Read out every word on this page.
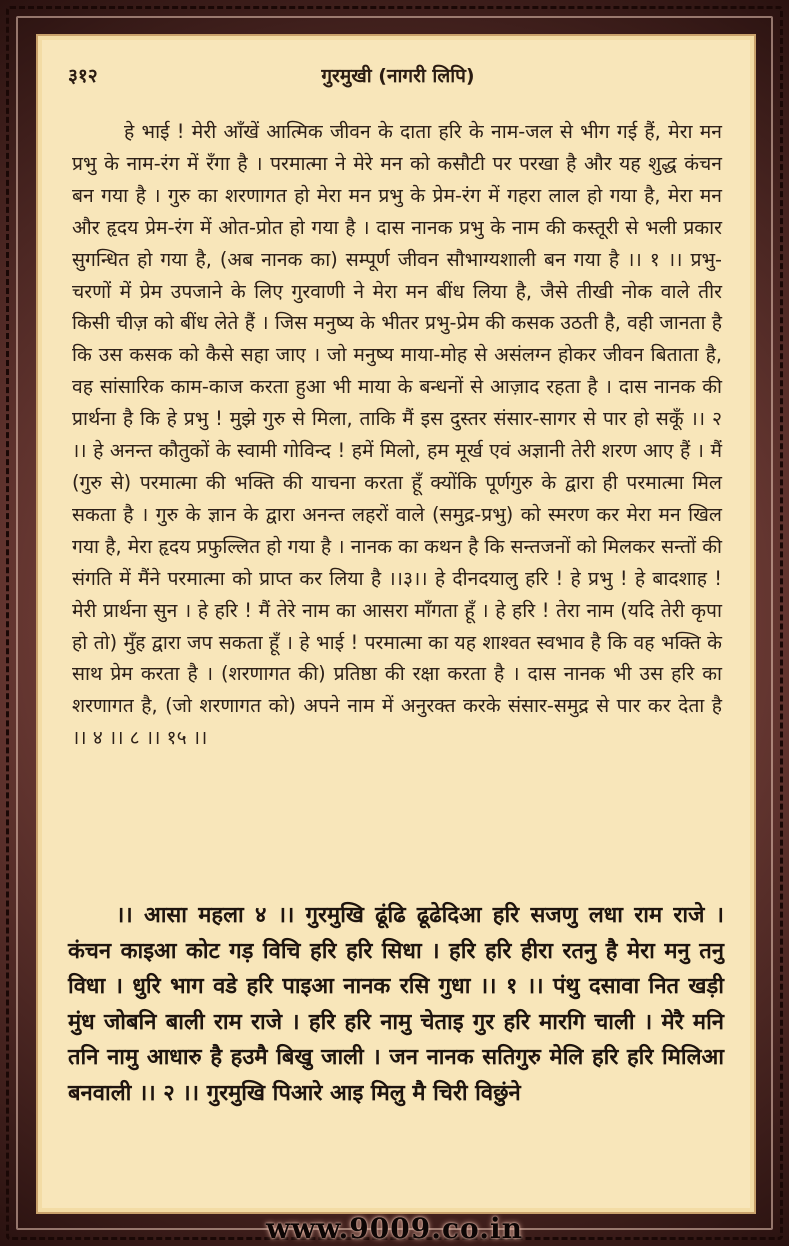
३१२	गुरमुखी (नागरी लिपि)

हे भाई ! मेरी आँखें आत्मिक जीवन के दाता हरि के नाम-जल से भीग गई हैं, मेरा मन प्रभु के नाम-रंग में रँगा है । परमात्मा ने मेरे मन को कसौटी पर परखा है और यह शुद्ध कंचन बन गया है । गुरु का शरणागत हो मेरा मन प्रभु के प्रेम-रंग में गहरा लाल हो गया है, मेरा मन और हृदय प्रेम-रंग में ओत-प्रोत हो गया है । दास नानक प्रभु के नाम की कस्तूरी से भली प्रकार सुगन्धित हो गया है, (अब नानक का) सम्पूर्ण जीवन सौभाग्यशाली बन गया है ।। १ ।। प्रभु-चरणों में प्रेम उपजाने के लिए गुरवाणी ने मेरा मन बींध लिया है, जैसे तीखी नोक वाले तीर किसी चीज़ को बींध लेते हैं । जिस मनुष्य के भीतर प्रभु-प्रेम की कसक उठती है, वही जानता है कि उस कसक को कैसे सहा जाए । जो मनुष्य माया-मोह से असंलग्न होकर जीवन बिताता है, वह सांसारिक काम-काज करता हुआ भी माया के बन्धनों से आज़ाद रहता है । दास नानक की प्रार्थना है कि हे प्रभु ! मुझे गुरु से मिला, ताकि मैं इस दुस्तर संसार-सागर से पार हो सकूँ ।। २ ।। हे अनन्त कौतुकों के स्वामी गोविन्द ! हमें मिलो, हम मूर्ख एवं अज्ञानी तेरी शरण आए हैं । मैं (गुरु से) परमात्मा की भक्ति की याचना करता हूँ क्योंकि पूर्णगुरु के द्वारा ही परमात्मा मिल सकता है । गुरु के ज्ञान के द्वारा अनन्त लहरों वाले (समुद्र-प्रभु) को स्मरण कर मेरा मन खिल गया है, मेरा हृदय प्रफुल्लित हो गया है । नानक का कथन है कि सन्तजनों को मिलकर सन्तों की संगति में मैंने परमात्मा को प्राप्त कर लिया है ।।३।। हे दीनदयालु हरि ! हे प्रभु ! हे बादशाह ! मेरी प्रार्थना सुन । हे हरि ! मैं तेरे नाम का आसरा माँगता हूँ । हे हरि ! तेरा नाम (यदि तेरी कृपा हो तो) मुँह द्वारा जप सकता हूँ । हे भाई ! परमात्मा का यह शाश्वत स्वभाव है कि वह भक्ति के साथ प्रेम करता है । (शरणागत की) प्रतिष्ठा की रक्षा करता है । दास नानक भी उस हरि का शरणागत है, (जो शरणागत को) अपने नाम में अनुरक्त करके संसार-समुद्र से पार कर देता है ।। ४ ।। ८ ।। १५ ।।

।। आसा महला ४ ।। गुरमुखि ढूंढि ढूढेदिआ हरि सजणु लधा राम राजे । कंचन काइआ कोट गड़ विचि हरि हरि सिधा । हरि हरि हीरा रतनु है मेरा मनु तनु विधा । धुरि भाग वडे हरि पाइआ नानक रसि गुधा ।। १ ।। पंथु दसावा नित खड़ी मुंध जोबनि बाली राम राजे । हरि हरि नामु चेताइ गुर हरि मारगि चाली । मेरै मनि तनि नामु आधारु है हउमै बिखु जाली । जन नानक सतिगुरु मेलि हरि हरि मिलिआ बनवाली ।। २ ।। गुरमुखि पिआरे आइ मिलु मै चिरी विछुंने

www.9009.co.in
